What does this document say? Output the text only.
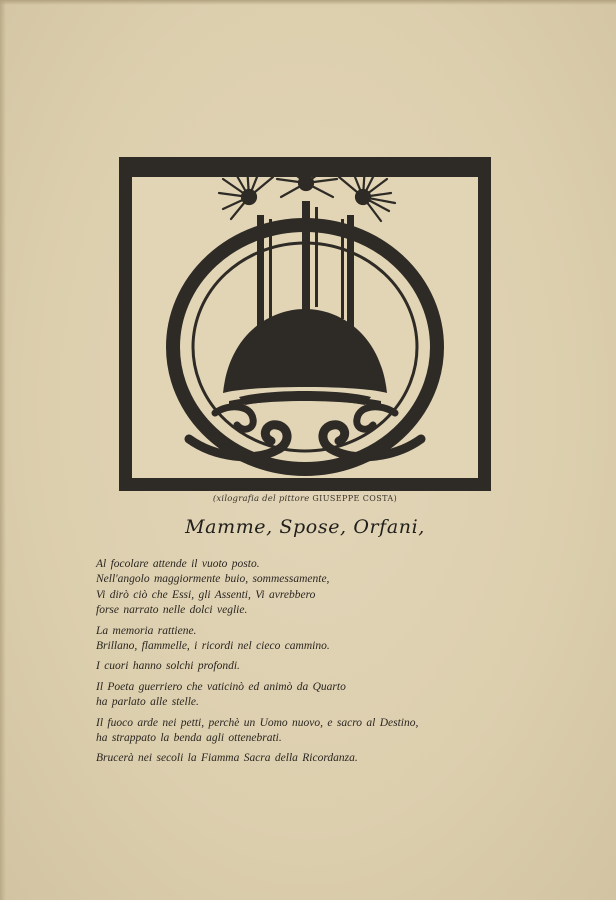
(xilografia del pittore GIUSEPPE COSTA)
Mamme, Spose, Orfani,
Al focolare attende il vuoto posto.
Nell'angolo maggiormente buio, sommessamente,
Vi dirò ciò che Essi, gli Assenti, Vi avrebbero
forse narrato nelle dolci veglie.
La memoria rattiene.
Brillano, flammelle, i ricordi nel cieco cammino.
I cuori hanno solchi profondi.
Il Poeta guerriero che vaticinò ed animò da Quarto
ha parlato alle stelle.
Il fuoco arde nei petti, perchè un Uomo nuovo, e sacro al Destino,
ha strappato la benda agli ottenebrati.
Brucerà nei secoli la Fiamma Sacra della Ricordanza.
